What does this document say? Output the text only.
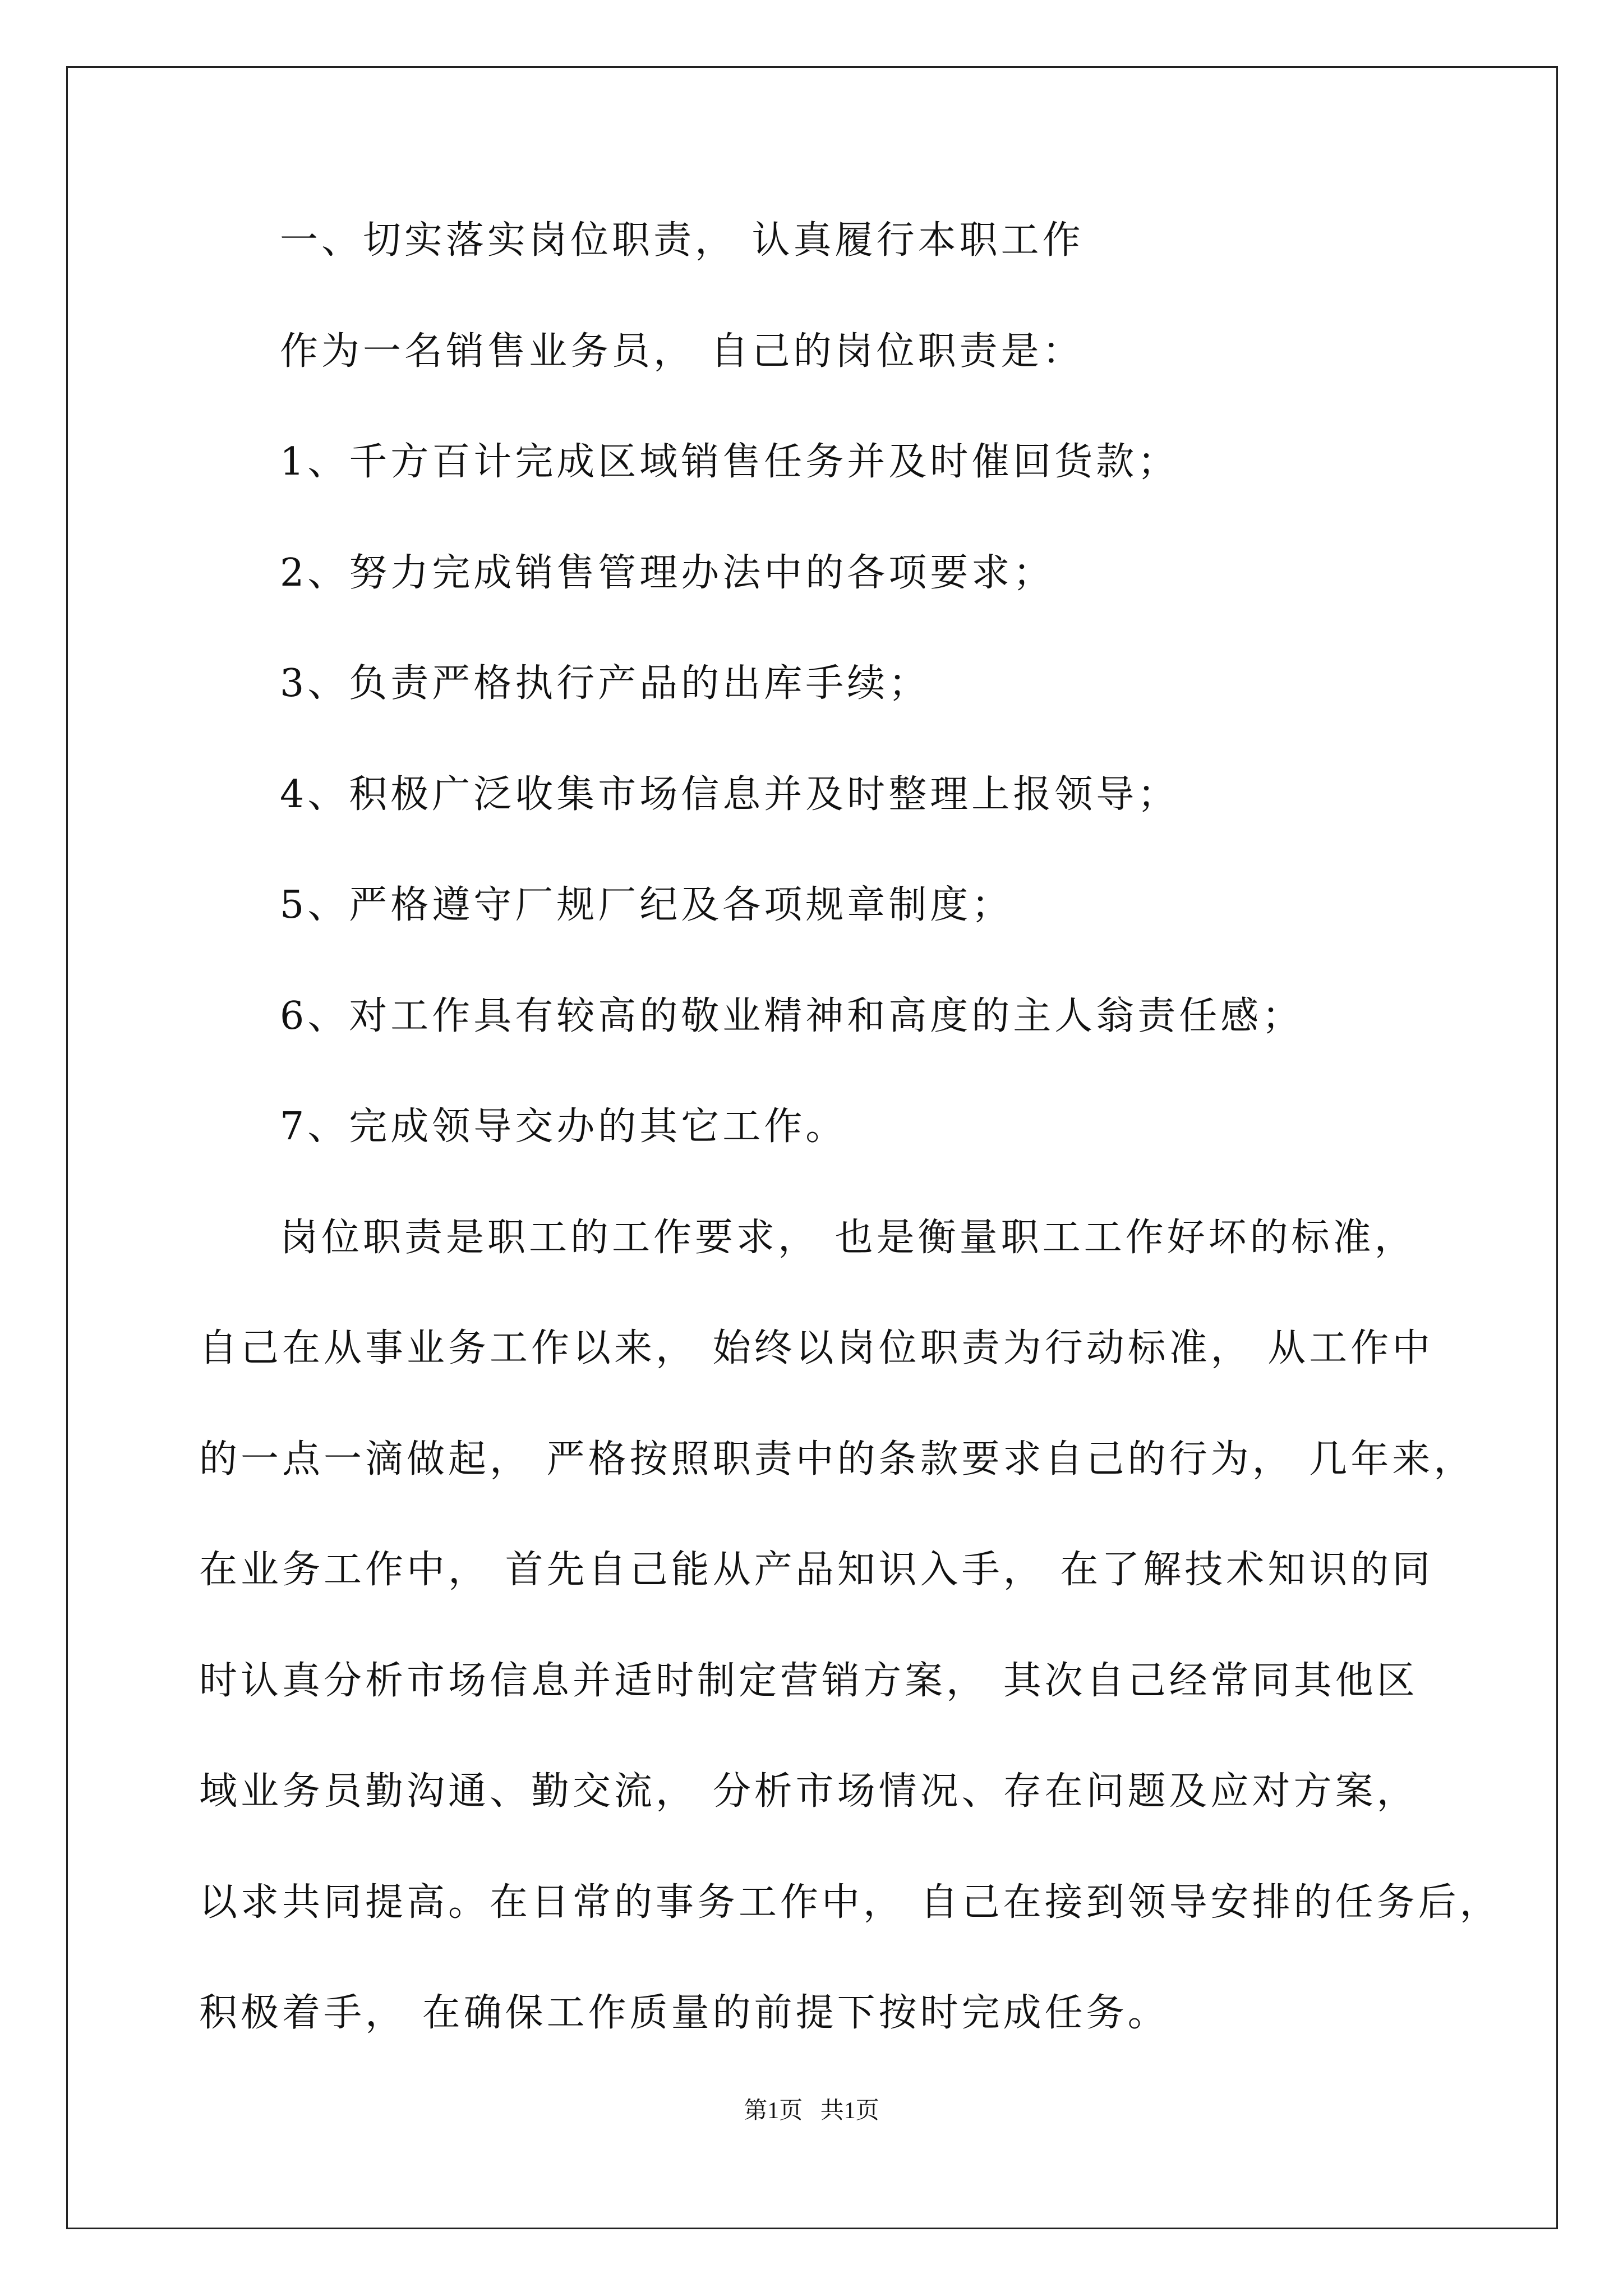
一、切实落实岗位职责， 认真履行本职工作
作为一名销售业务员， 自己的岗位职责是：
1、千方百计完成区域销售任务并及时催回货款；
2、努力完成销售管理办法中的各项要求；
3、负责严格执行产品的出库手续；
4、积极广泛收集市场信息并及时整理上报领导；
5、严格遵守厂规厂纪及各项规章制度；
6、对工作具有较高的敬业精神和高度的主人翁责任感；
7、完成领导交办的其它工作。
岗位职责是职工的工作要求， 也是衡量职工工作好坏的标准，
自己在从事业务工作以来， 始终以岗位职责为行动标准， 从工作中
的一点一滴做起， 严格按照职责中的条款要求自己的行为， 几年来，
在业务工作中， 首先自己能从产品知识入手， 在了解技术知识的同
时认真分析市场信息并适时制定营销方案， 其次自己经常同其他区
域业务员勤沟通、勤交流， 分析市场情况、存在问题及应对方案，
以求共同提高。在日常的事务工作中， 自己在接到领导安排的任务后，
积极着手， 在确保工作质量的前提下按时完成任务。
第1页   共1页
